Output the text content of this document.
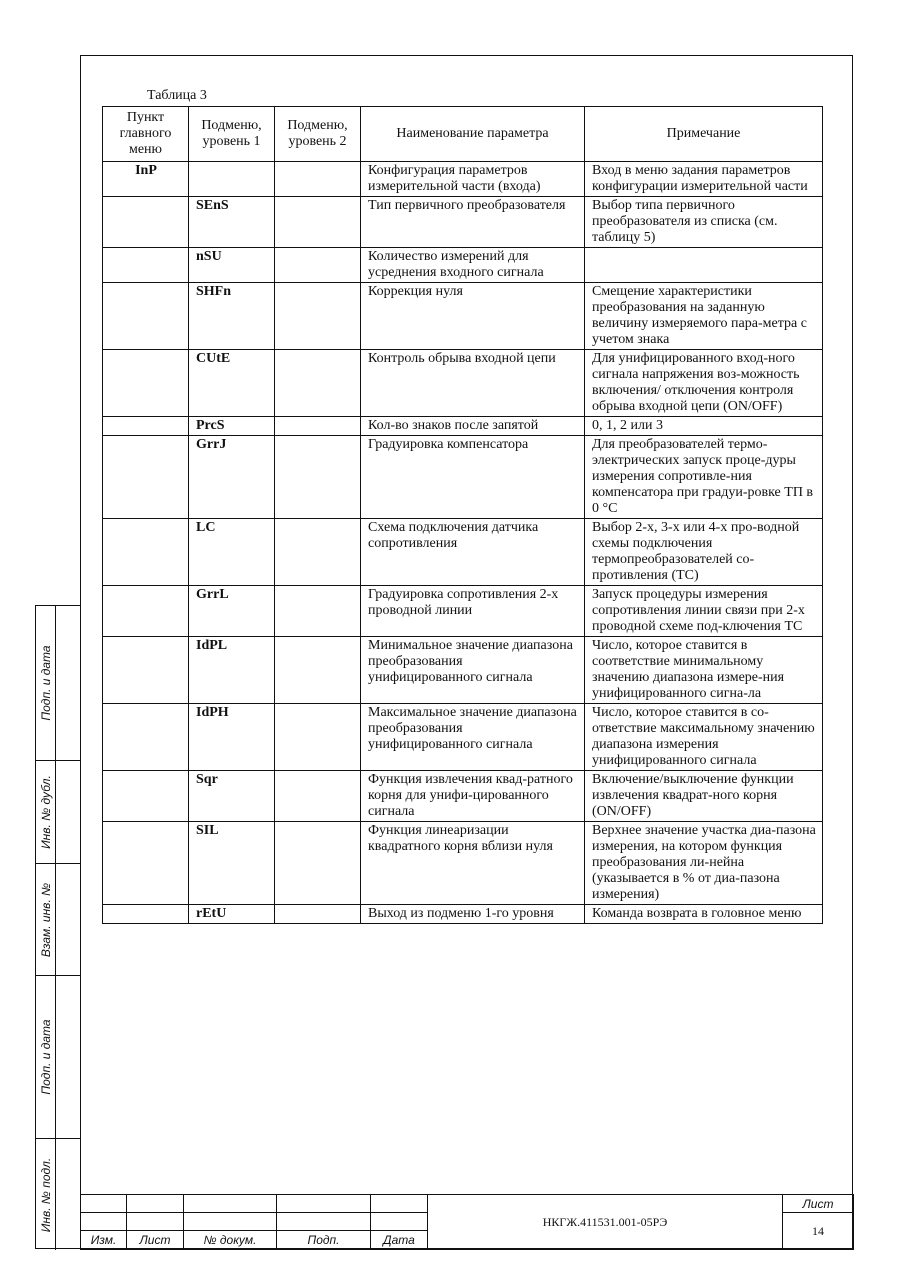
Подп. и дата
Инв. № дубл.
Взам. инв. №
Подп. и дата
Инв. № подл.
Таблица 3
Пункт главного меню	Подменю, уровень 1	Подменю, уровень 2	Наименование параметра	Примечание
InP			Конфигурация параметров измерительной части (входа)	Вход в меню задания параметров конфигурации измерительной части
	SEnS		Тип первичного преобразователя	Выбор типа первичного преобразователя из списка (см. таблицу 5)
	nSU		Количество измерений для усреднения входного сигнала	
	SHFn		Коррекция нуля	Смещение характеристики преобразования на заданную величину измеряемого пара-метра с учетом знака
	CUtE		Контроль обрыва входной цепи	Для унифицированного вход-ного сигнала напряжения воз-можность включения/ отключения контроля обрыва входной цепи (ON/OFF)
	PrcS		Кол-во знаков после запятой	0, 1, 2 или 3
	GrrJ		Градуировка компенсатора	Для преобразователей термо-электрических запуск проце-дуры измерения сопротивле-ния компенсатора при градуи-ровке ТП в 0 °С
	LC		Схема подключения датчика сопротивления	Выбор 2-х, 3-х или 4-х про-водной схемы подключения термопреобразователей со-противления (ТС)
	GrrL		Градуировка сопротивления 2-х проводной линии	Запуск процедуры измерения сопротивления линии связи при 2-х проводной схеме под-ключения ТС
	IdPL		Минимальное значение диапазона преобразования унифицированного сигнала	Число, которое ставится в соответствие минимальному значению диапазона измере-ния унифицированного сигна-ла
	IdPH		Максимальное значение диапазона преобразования унифицированного сигнала	Число, которое ставится в со-ответствие максимальному значению диапазона измерения унифицированного сигнала
	Sqr		Функция извлечения квад-ратного корня для унифи-цированного сигнала	Включение/выключение функции извлечения квадрат-ного корня (ON/OFF)
	SIL		Функция линеаризации квадратного корня вблизи нуля	Верхнее значение участка диа-пазона измерения, на котором функция преобразования ли-нейна (указывается в % от диа-пазона измерения)
	rEtU		Выход из подменю 1-го уровня	Команда возврата в головное меню
					НКГЖ.411531.001-05РЭ	Лист
						14
Изм.	Лист	№ докум.	Подп.	Дата		
